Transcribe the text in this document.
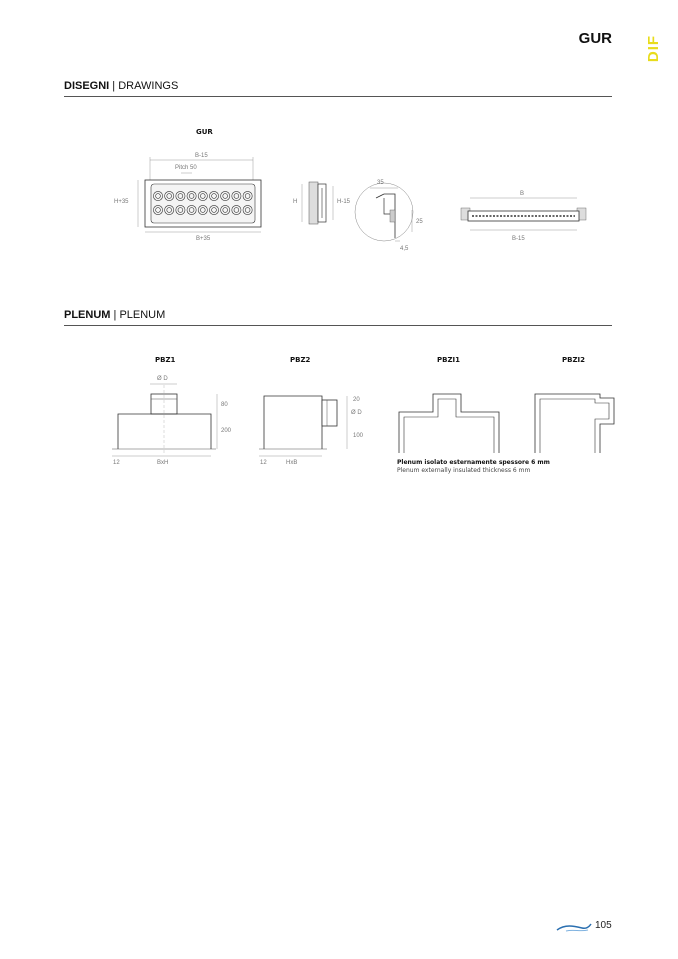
GUR DIF
DISEGNI | DRAWINGS
GUR
B-15
Pitch 50
H+35
B+35
H	H-15
35
25
4,5
B
B-15
Ø D
80
200
12	BxH
20
Ø D
100
12	HxB
PLENUM | PLENUM
PBZ1	PBZ2	PBZI1	PBZI2
Plenum isolato esternamente spessore 6 mm
Plenum externally insulated thickness 6 mm
105
